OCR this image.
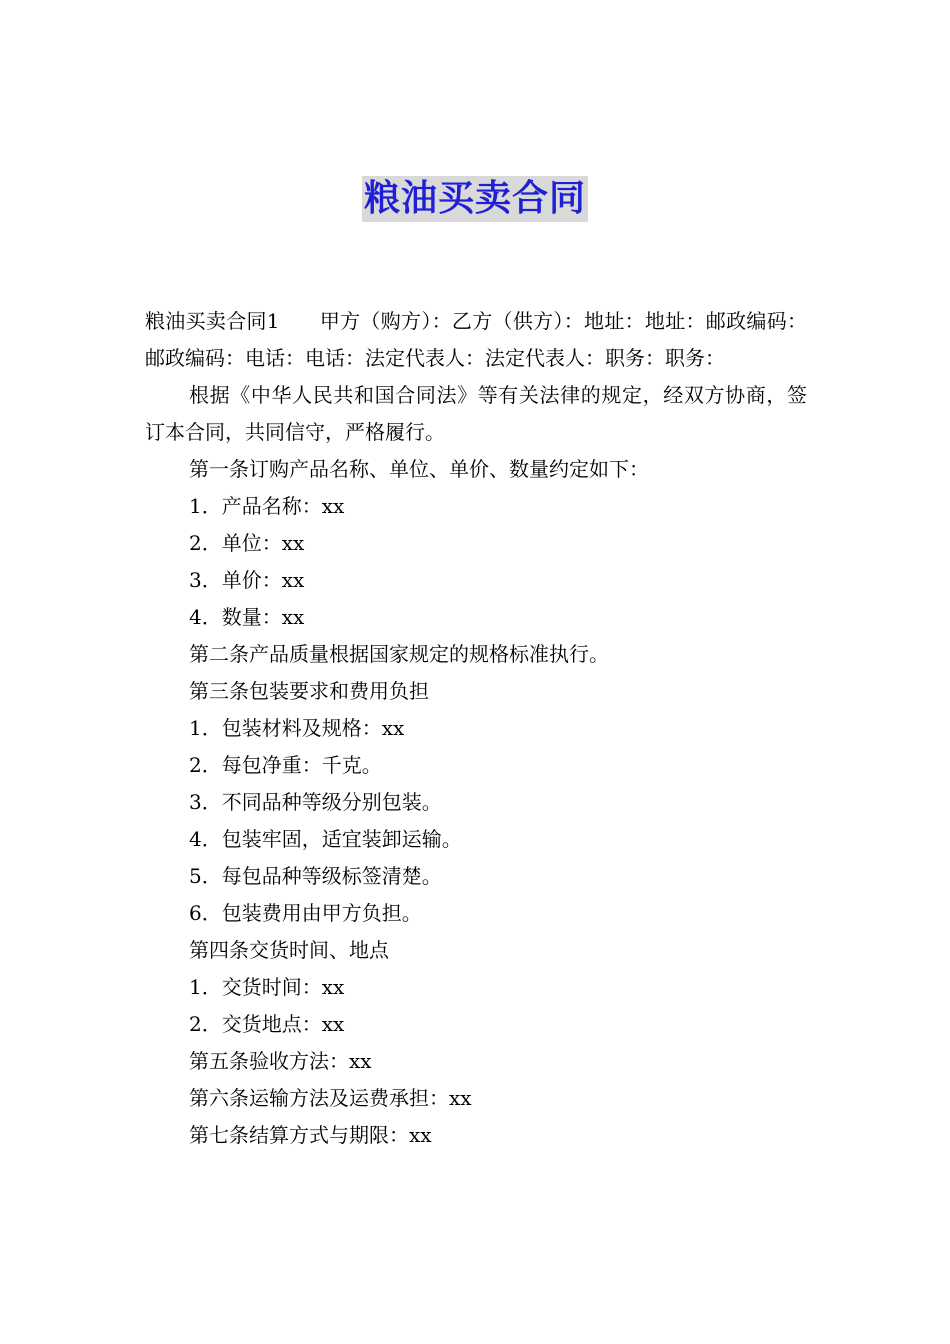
粮油买卖合同

粮油买卖合同1 甲方（购方）：乙方（供方）：地址：地址：邮政编码：邮政编码：电话：电话：法定代表人：法定代表人：职务：职务：

根据《中华人民共和国合同法》等有关法律的规定，经双方协商，签订本合同，共同信守，严格履行。

第一条订购产品名称、单位、单价、数量约定如下：

1．产品名称：xx

2．单位：xx

3．单价：xx

4．数量：xx

第二条产品质量根据国家规定的规格标准执行。

第三条包装要求和费用负担

1．包装材料及规格：xx

2．每包净重：千克。

3．不同品种等级分别包装。

4．包装牢固，适宜装卸运输。

5．每包品种等级标签清楚。

6．包装费用由甲方负担。

第四条交货时间、地点

1．交货时间：xx

2．交货地点：xx

第五条验收方法：xx

第六条运输方法及运费承担：xx

第七条结算方式与期限：xx
